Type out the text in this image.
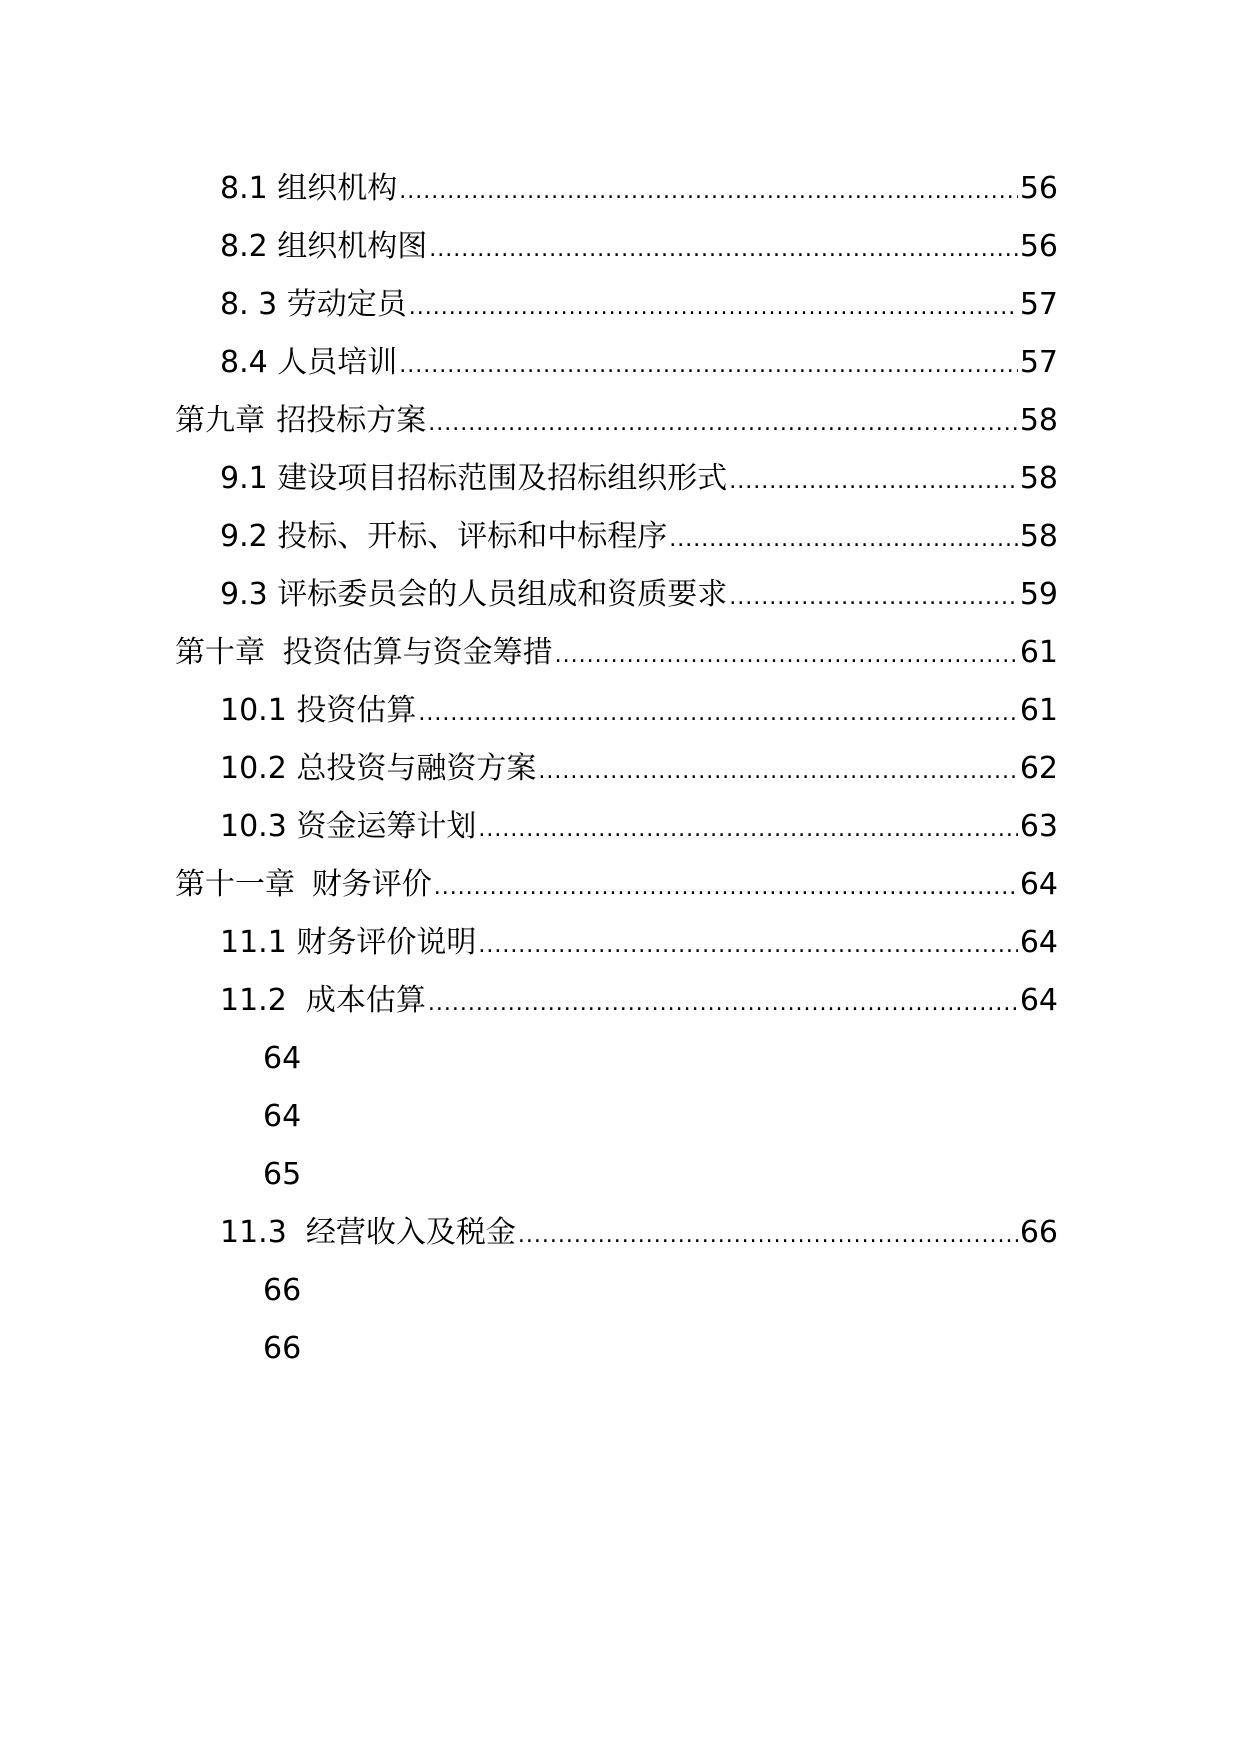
8.1 组织机构 .....	56
8.2 组织机构图 .....	56
8. 3 劳动定员 .....	57
8.4 人员培训 .....	57
第九章 招投标方案 .....	58
9.1 建设项目招标范围及招标组织形式 .....	58
9.2 投标、开标、评标和中标程序 .....	58
9.3 评标委员会的人员组成和资质要求 .....	59
第十章 投资估算与资金筹措 .....	61
10.1 投资估算 .....	61
10.2 总投资与融资方案 .....	62
10.3 资金运筹计划 .....	63
第十一章 财务评价 .....	64
11.1 财务评价说明 .....	64
11.2  成本估算 .....	64
64
64
65
11.3  经营收入及税金 .....	66
66
66
